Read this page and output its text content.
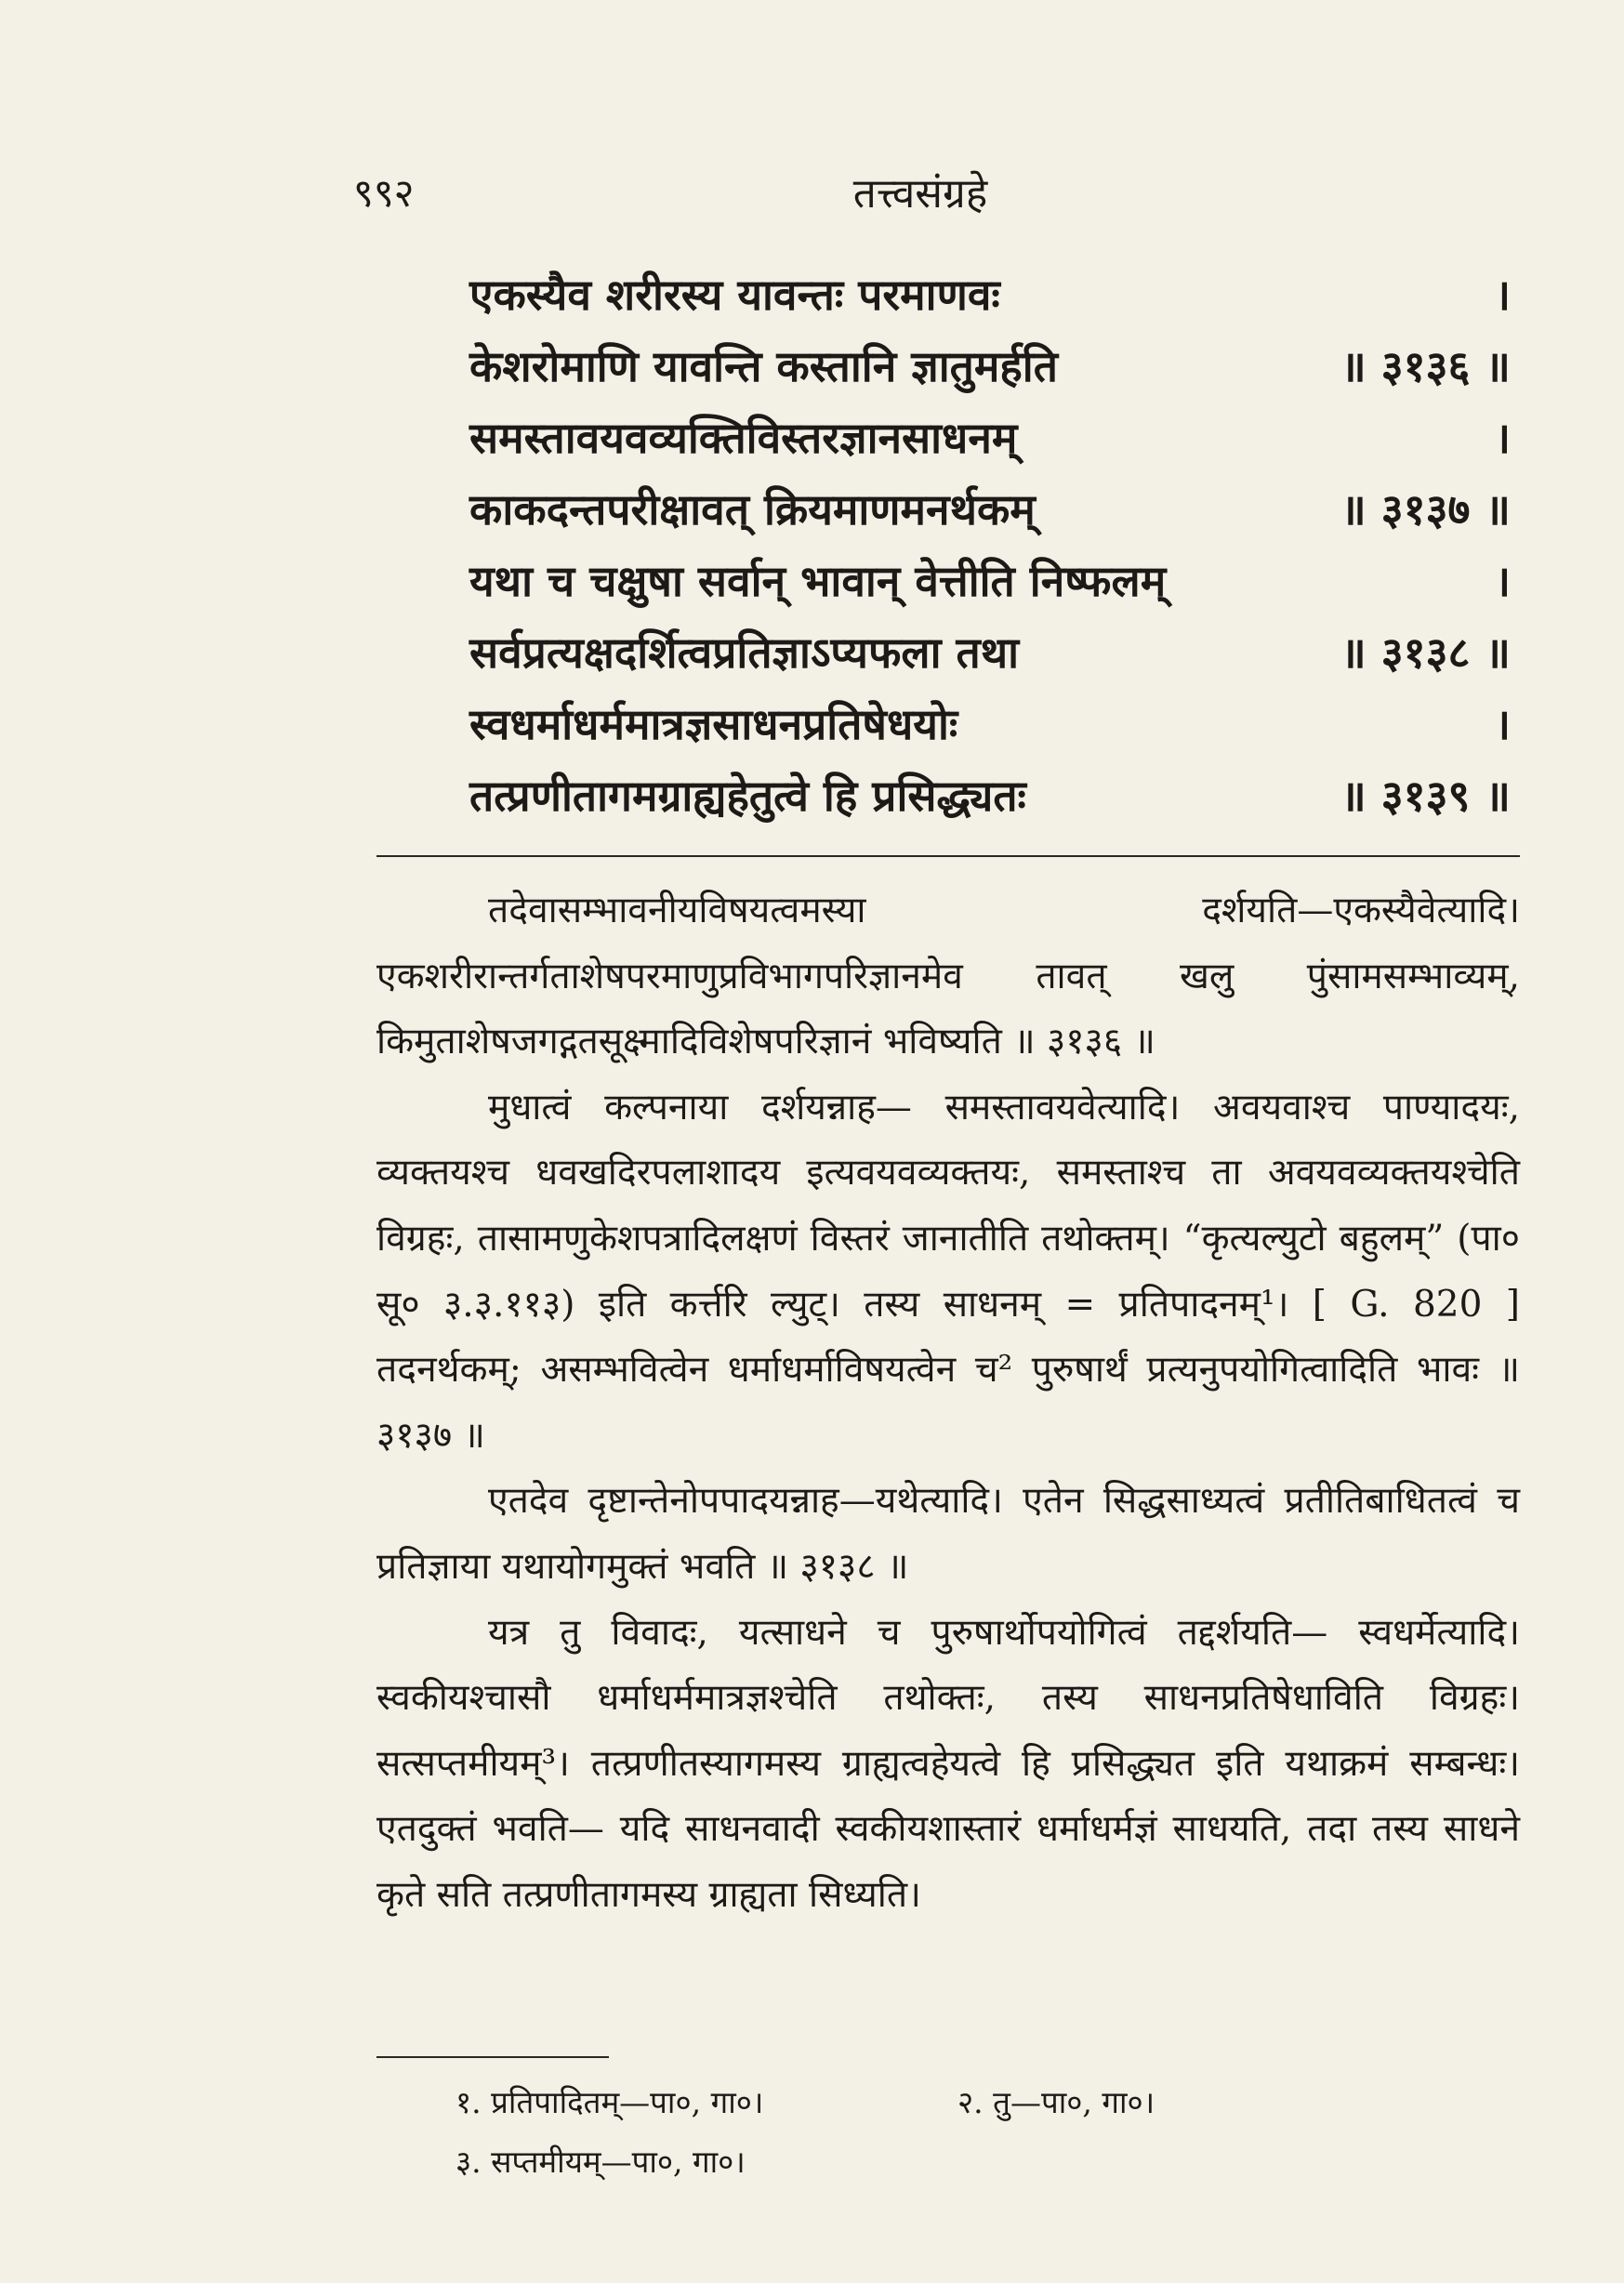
९९२	तत्त्वसंग्रहे
एकस्यैव शरीरस्य यावन्तः परमाणवः	।
केशरोमाणि यावन्ति कस्तानि ज्ञातुमर्हति	॥ ३१३६ ॥
समस्तावयवव्यक्तिविस्तरज्ञानसाधनम्	।
काकदन्तपरीक्षावत् क्रियमाणमनर्थकम्	॥ ३१३७ ॥
यथा च चक्षुषा सर्वान् भावान् वेत्तीति निष्फलम्	।
सर्वप्रत्यक्षदर्शित्वप्रतिज्ञाऽप्यफला तथा	॥ ३१३८ ॥
स्वधर्माधर्ममात्रज्ञसाधनप्रतिषेधयोः	।
तत्प्रणीतागमग्राह्यहेतुत्वे हि प्रसिद्ध्यतः	॥ ३१३९ ॥

तदेवासम्भावनीयविषयत्वमस्या दर्शयति—एकस्यैवेत्यादि। एकशरीरान्तर्गताशेषपरमाणुप्रविभागपरिज्ञानमेव तावत् खलु पुंसामसम्भाव्यम्, किमुताशेषजगद्गतसूक्ष्मादिविशेषपरिज्ञानं भविष्यति ॥ ३१३६ ॥

मुधात्वं कल्पनाया दर्शयन्नाह— समस्तावयवेत्यादि। अवयवाश्च पाण्यादयः, व्यक्तयश्च धवखदिरपलाशादय इत्यवयवव्यक्तयः, समस्ताश्च ता अवयवव्यक्तयश्चेति विग्रहः, तासामणुकेशपत्रादिलक्षणं विस्तरं जानातीति तथोक्तम्। “कृत्यल्युटो बहुलम्” (पा० सू० ३.३.११३) इति कर्त्तरि ल्युट्। तस्य साधनम् = प्रतिपादनम्¹। [ G. 820 ] तदनर्थकम्; असम्भवित्वेन धर्माधर्माविषयत्वेन च² पुरुषार्थं प्रत्यनुपयोगित्वादिति भावः ॥ ३१३७ ॥

एतदेव दृष्टान्तेनोपपादयन्नाह—यथेत्यादि। एतेन सिद्धसाध्यत्वं प्रतीतिबाधितत्वं च प्रतिज्ञाया यथायोगमुक्तं भवति ॥ ३१३८ ॥

यत्र तु विवादः, यत्साधने च पुरुषार्थोपयोगित्वं तद्दर्शयति— स्वधर्मेत्यादि। स्वकीयश्चासौ धर्माधर्ममात्रज्ञश्चेति तथोक्तः, तस्य साधनप्रतिषेधाविति विग्रहः। सत्सप्तमीयम्³। तत्प्रणीतस्यागमस्य ग्राह्यत्वहेयत्वे हि प्रसिद्ध्यत इति यथाक्रमं सम्बन्धः। एतदुक्तं भवति— यदि साधनवादी स्वकीयशास्तारं धर्माधर्मज्ञं साधयति, तदा तस्य साधने कृते सति तत्प्रणीतागमस्य ग्राह्यता सिध्यति।

१. प्रतिपादितम्—पा०, गा०।	२. तु—पा०, गा०।
३. सप्तमीयम्—पा०, गा०।
